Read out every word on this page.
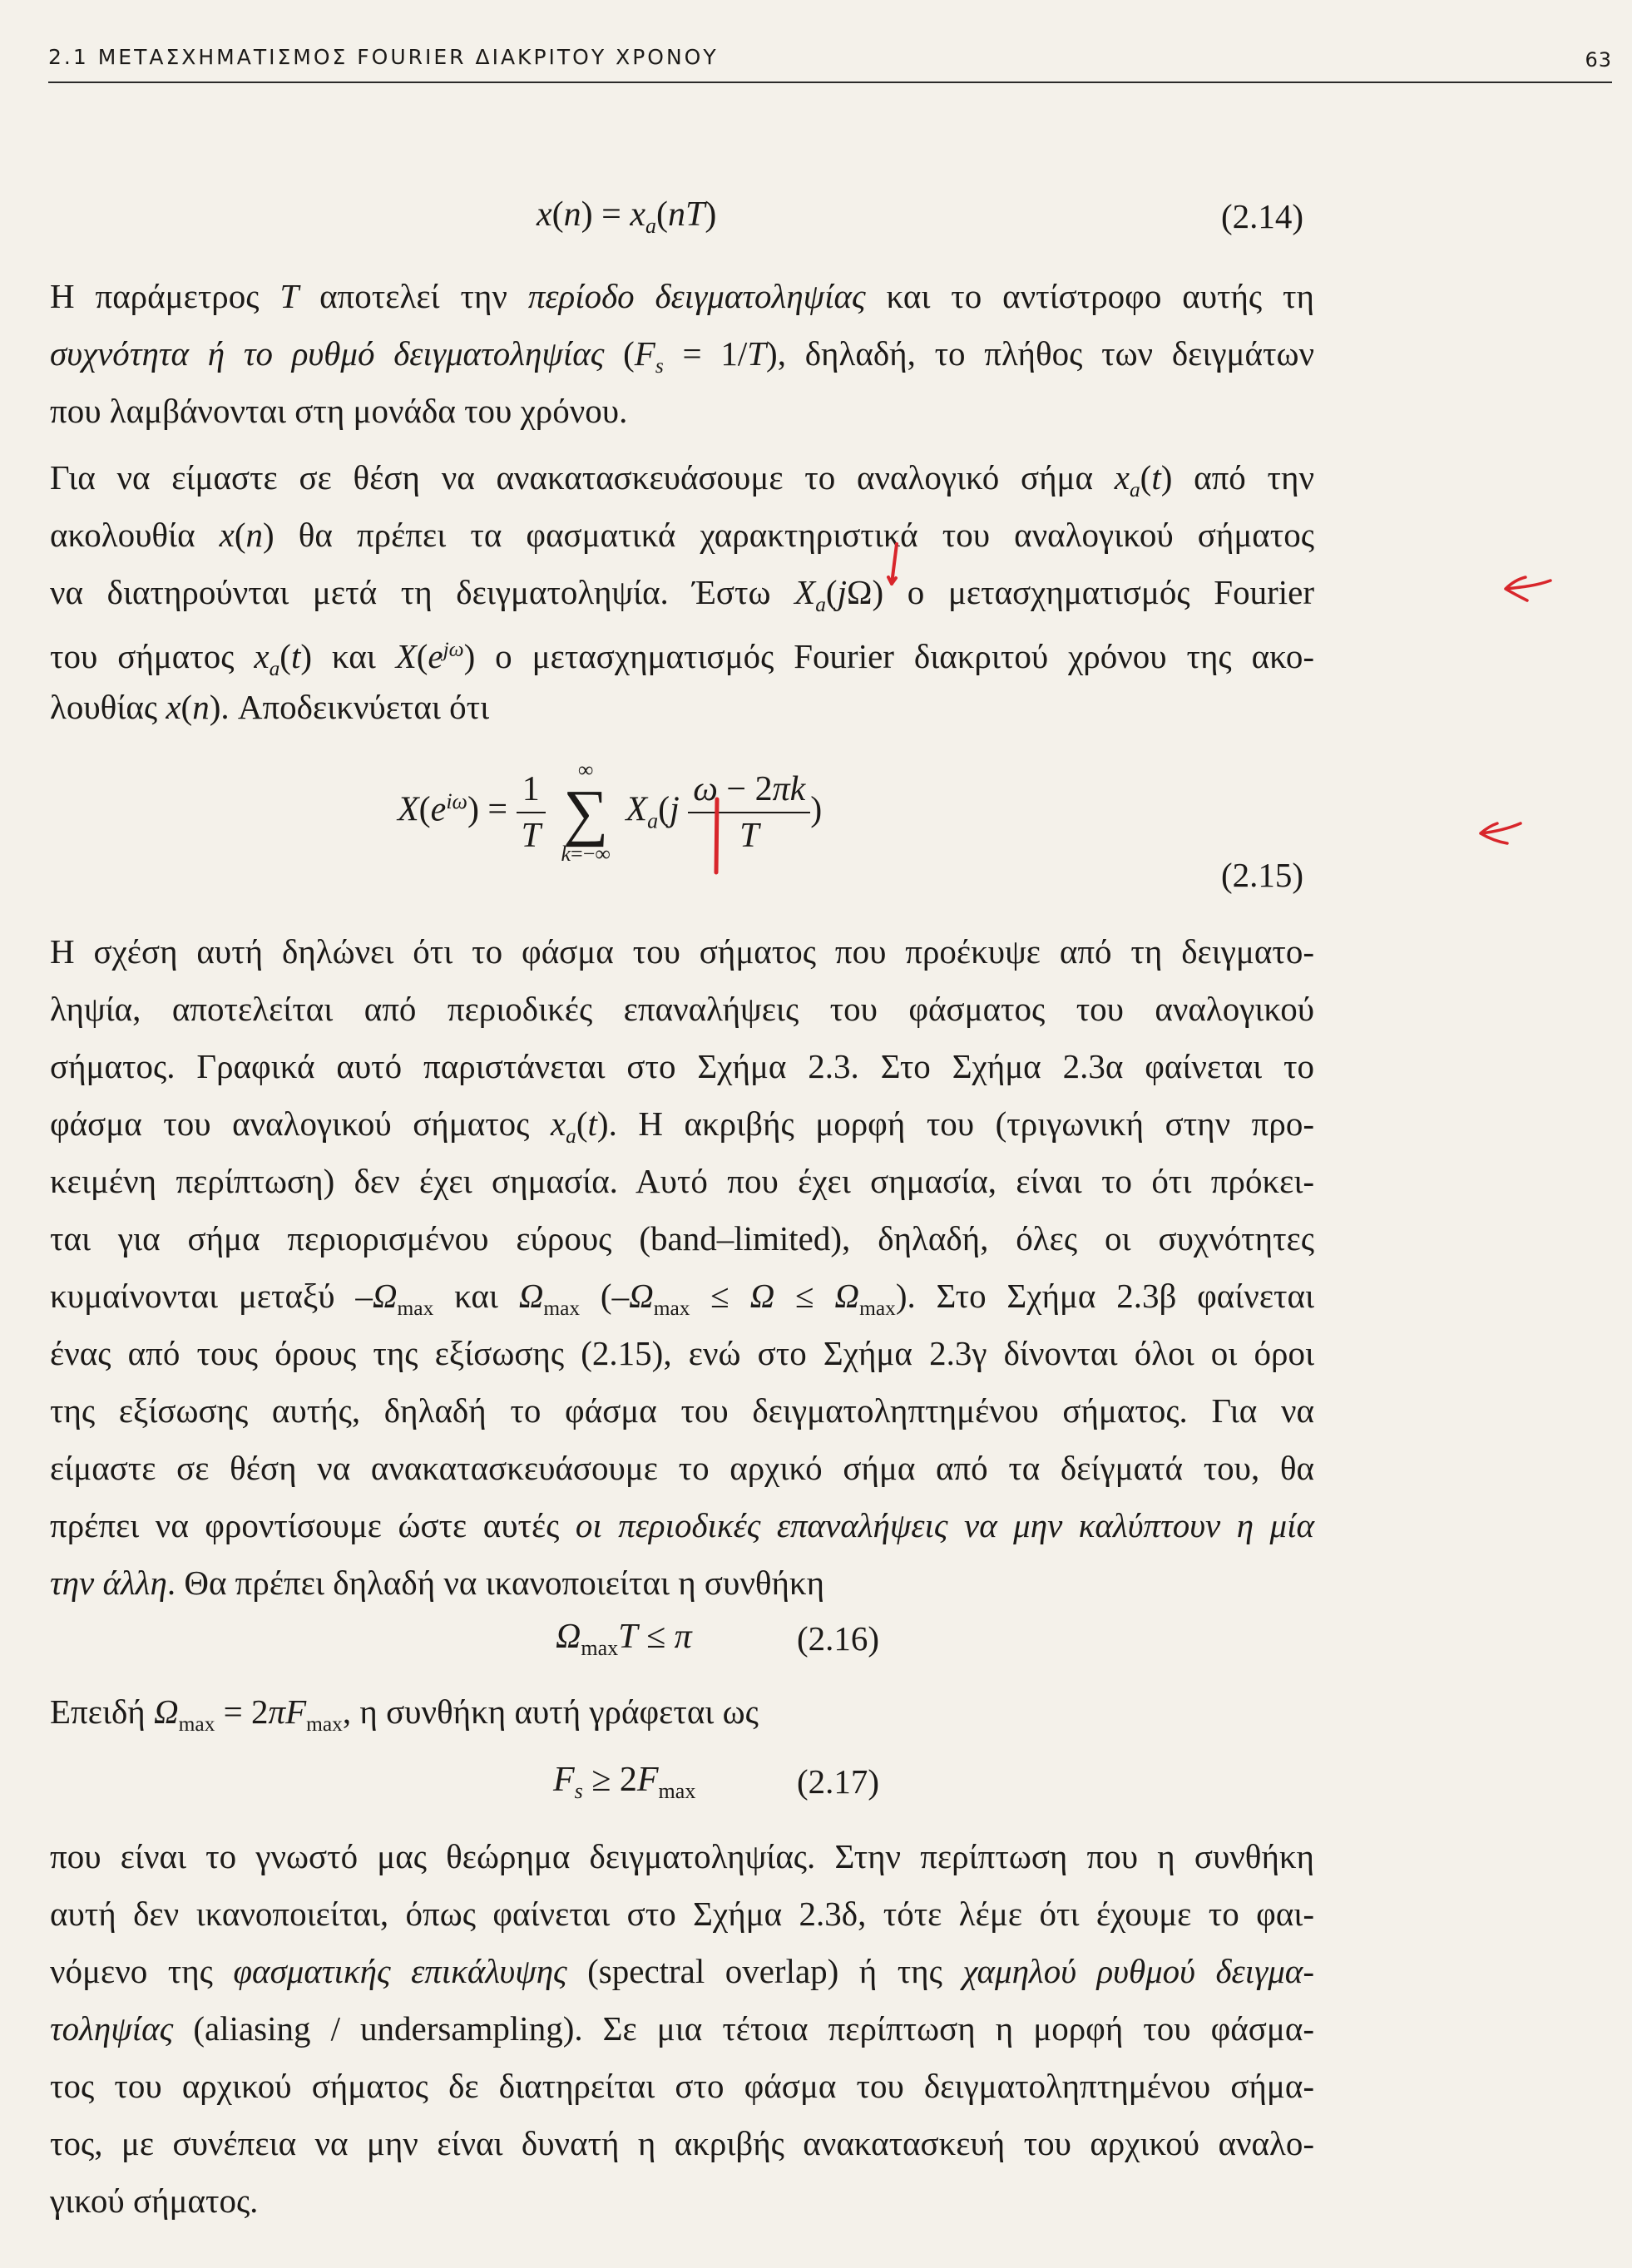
2.1 ΜΕΤΑΣΧΗΜΑΤΙΣΜΟΣ FOURIER ΔΙΑΚΡΙΤΟΥ ΧΡΟΝΟΥ	63
$x(n) = x_a(nT)$	(2.14)

Η παράμετρος T αποτελεί την περίοδο δειγματοληψίας και το αντίστροφο αυτής τη

συχνότητα ή το ρυθμό δειγματοληψίας $(F_s = 1/T)$, δηλαδή, το πλήθος των δειγμάτων

που λαμβάνονται στη μονάδα του χρόνου.

Για να είμαστε σε θέση να ανακατασκευάσουμε το αναλογικό σήμα $x_a(t)$ από την

ακολουθία x(n) θα πρέπει τα φασματικά χαρακτηριστικά του αναλογικού σήματος

να διατηρούνται μετά τη δειγματοληψία. Έστω $X_a(j\Omega)$ ο μετασχηματισμός Fourier

του σήματος $x_a(t)$ και $X(e^{j\omega})$ ο μετασχηματισμός Fourier διακριτού χρόνου της ακο-

λουθίας x(n). Αποδεικνύεται ότι

$X(e^{i\omega}) = \frac{1}{T}$
	∞
∑
k=−∞
$X_a(j \frac{\omega - 2\pi k}{T}$ )
(2.15)

Η σχέση αυτή δηλώνει ότι το φάσμα του σήματος που προέκυψε από τη δειγματο-

ληψία, αποτελείται από περιοδικές επαναλήψεις του φάσματος του αναλογικού

σήματος. Γραφικά αυτό παριστάνεται στο Σχήμα 2.3. Στο Σχήμα 2.3α φαίνεται το

φάσμα του αναλογικού σήματος $x_a(t)$. Η ακριβής μορφή του (τριγωνική στην προ-

κειμένη περίπτωση) δεν έχει σημασία. Αυτό που έχει σημασία, είναι το ότι πρόκει-

ται για σήμα περιορισμένου εύρους (band–limited), δηλαδή, όλες οι συχνότητες

κυμαίνονται μεταξύ $-\Omega_{max}$ και $\Omega_{max}$ $(-\Omega_{max} \le \Omega \le \Omega_{max})$. Στο Σχήμα 2.3β φαίνεται

ένας από τους όρους της εξίσωσης (2.15), ενώ στο Σχήμα 2.3γ δίνονται όλοι οι όροι

της εξίσωσης αυτής, δηλαδή το φάσμα του δειγματοληπτημένου σήματος. Για να

είμαστε σε θέση να ανακατασκευάσουμε το αρχικό σήμα από τα δείγματά του, θα

πρέπει να φροντίσουμε ώστε αυτές οι περιοδικές επαναλήψεις να μην καλύπτουν η μία

την άλλη. Θα πρέπει δηλαδή να ικανοποιείται η συνθήκη

$\Omega_{max}T \le \pi$	(2.16)

Επειδή $\Omega_{max} = 2\pi F_{max}$, η συνθήκη αυτή γράφεται ως

$F_s \ge 2F_{max}$	(2.17)

που είναι το γνωστό μας θεώρημα δειγματοληψίας. Στην περίπτωση που η συνθήκη

αυτή δεν ικανοποιείται, όπως φαίνεται στο Σχήμα 2.3δ, τότε λέμε ότι έχουμε το φαι-

νόμενο της φασματικής επικάλυψης (spectral overlap) ή της χαμηλού ρυθμού δειγμα-

τοληψίας (aliasing / undersampling). Σε μια τέτοια περίπτωση η μορφή του φάσμα-

τος του αρχικού σήματος δε διατηρείται στο φάσμα του δειγματοληπτημένου σήμα-

τος, με συνέπεια να μην είναι δυνατή η ακριβής ανακατασκευή του αρχικού αναλο-

γικού σήματος.
